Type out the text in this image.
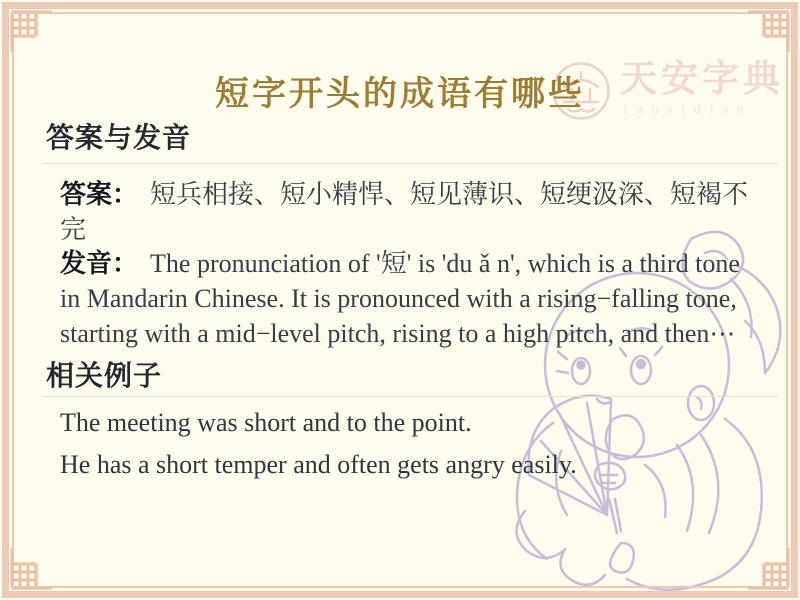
天安字典
tanzidian
短字开头的成语有哪些
答案与发音

答案： 短兵相接、短小精悍、短见薄识、短绠汲深、短褐不完

发音： The pronunciation of '短' is 'du ǎ n', which is a third tone in Mandarin Chinese. It is pronounced with a rising−falling tone, starting with a mid−level pitch, rising to a high pitch, and then⋯

相关例子

The meeting was short and to the point.

He has a short temper and often gets angry easily.
